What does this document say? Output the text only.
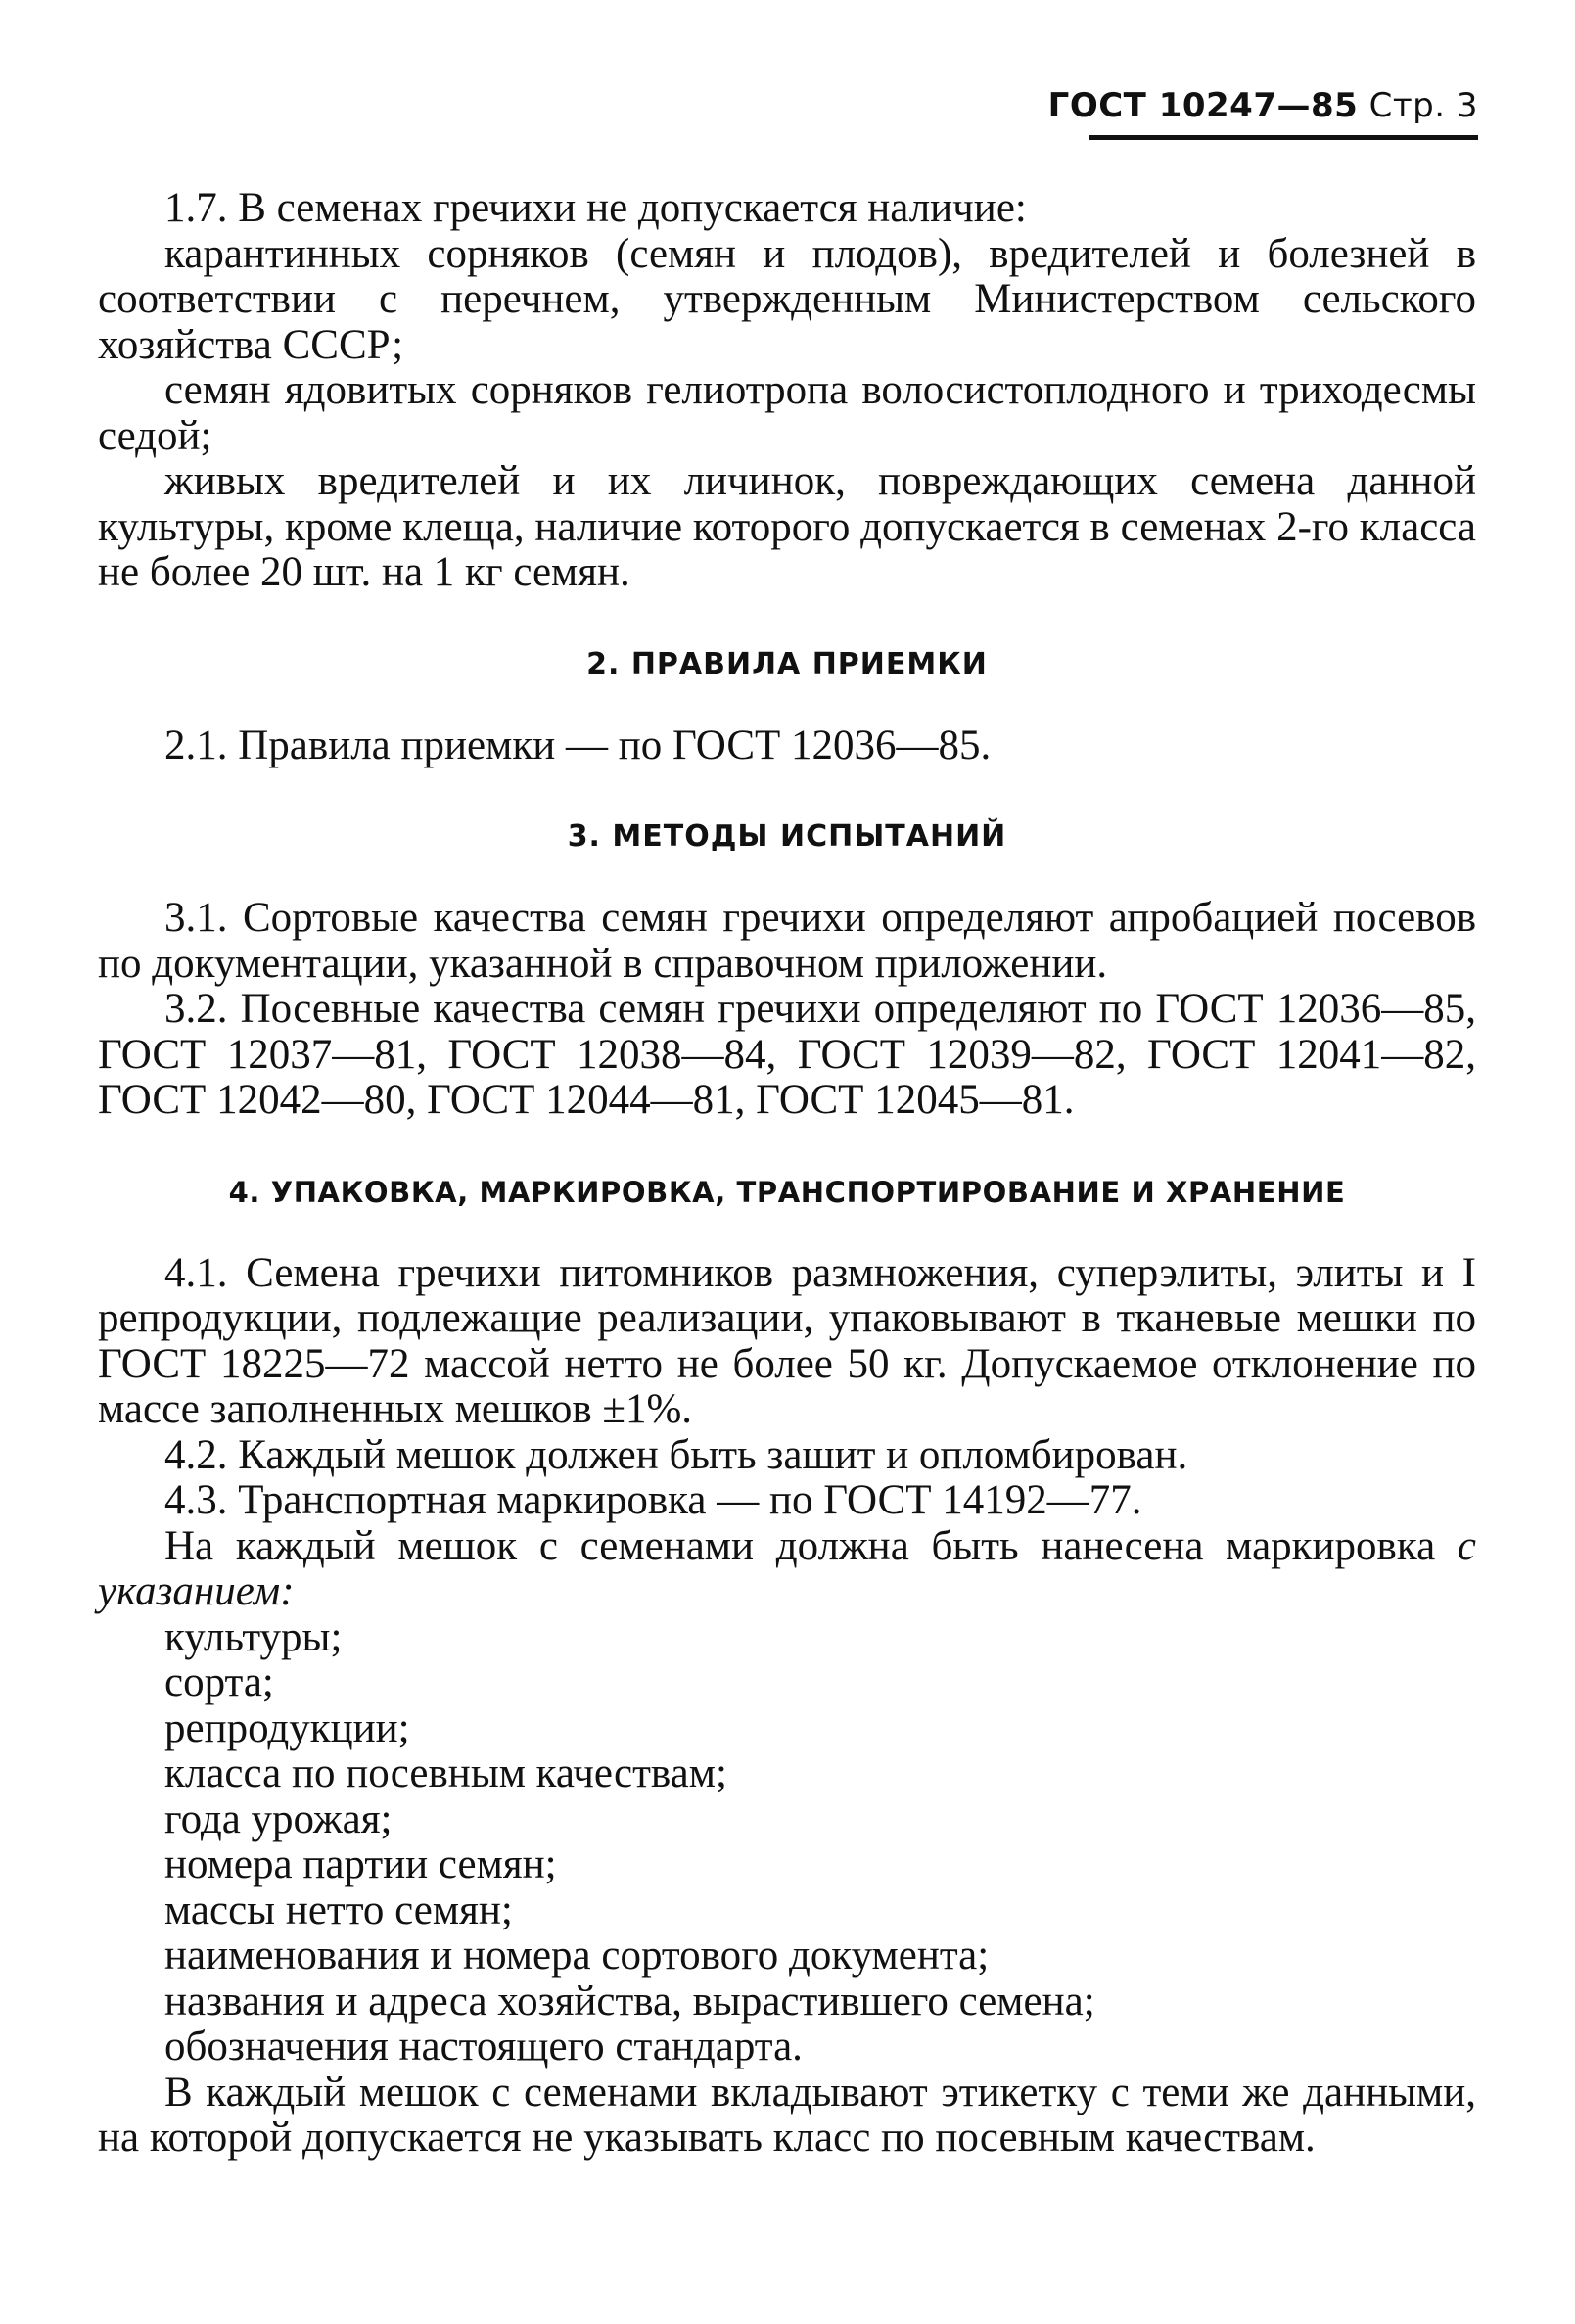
ГОСТ 10247—85 Стр. 3

1.7. В семенах гречихи не допускается наличие:

карантинных сорняков (семян и плодов), вредителей и болезней в соответствии с перечнем, утвержденным Министерством сельского хозяйства СССР;

семян ядовитых сорняков гелиотропа волосистоплодного и триходесмы седой;

живых вредителей и их личинок, повреждающих семена данной культуры, кроме клеща, наличие которого допускается в семенах 2-го класса не более 20 шт. на 1 кг семян.

2. ПРАВИЛА ПРИЕМКИ

2.1. Правила приемки — по ГОСТ 12036—85.

3. МЕТОДЫ ИСПЫТАНИЙ

3.1. Сортовые качества семян гречихи определяют апробацией посевов по документации, указанной в справочном приложении.

3.2. Посевные качества семян гречихи определяют по ГОСТ 12036—85, ГОСТ 12037—81, ГОСТ 12038—84, ГОСТ 12039—82, ГОСТ 12041—82, ГОСТ 12042—80, ГОСТ 12044—81, ГОСТ 12045—81.

4. УПАКОВКА, МАРКИРОВКА, ТРАНСПОРТИРОВАНИЕ И ХРАНЕНИЕ

4.1. Семена гречихи питомников размножения, суперэлиты, элиты и I репродукции, подлежащие реализации, упаковывают в тканевые мешки по ГОСТ 18225—72 массой нетто не более 50 кг. Допускаемое отклонение по массе заполненных мешков ±1%.

4.2. Каждый мешок должен быть зашит и опломбирован.

4.3. Транспортная маркировка — по ГОСТ 14192—77.

На каждый мешок с семенами должна быть нанесена маркировка с указанием:

культуры;

сорта;

репродукции;

класса по посевным качествам;

года урожая;

номера партии семян;

массы нетто семян;

наименования и номера сортового документа;

названия и адреса хозяйства, вырастившего семена;

обозначения настоящего стандарта.

В каждый мешок с семенами вкладывают этикетку с теми же данными, на которой допускается не указывать класс по посевным качествам.
